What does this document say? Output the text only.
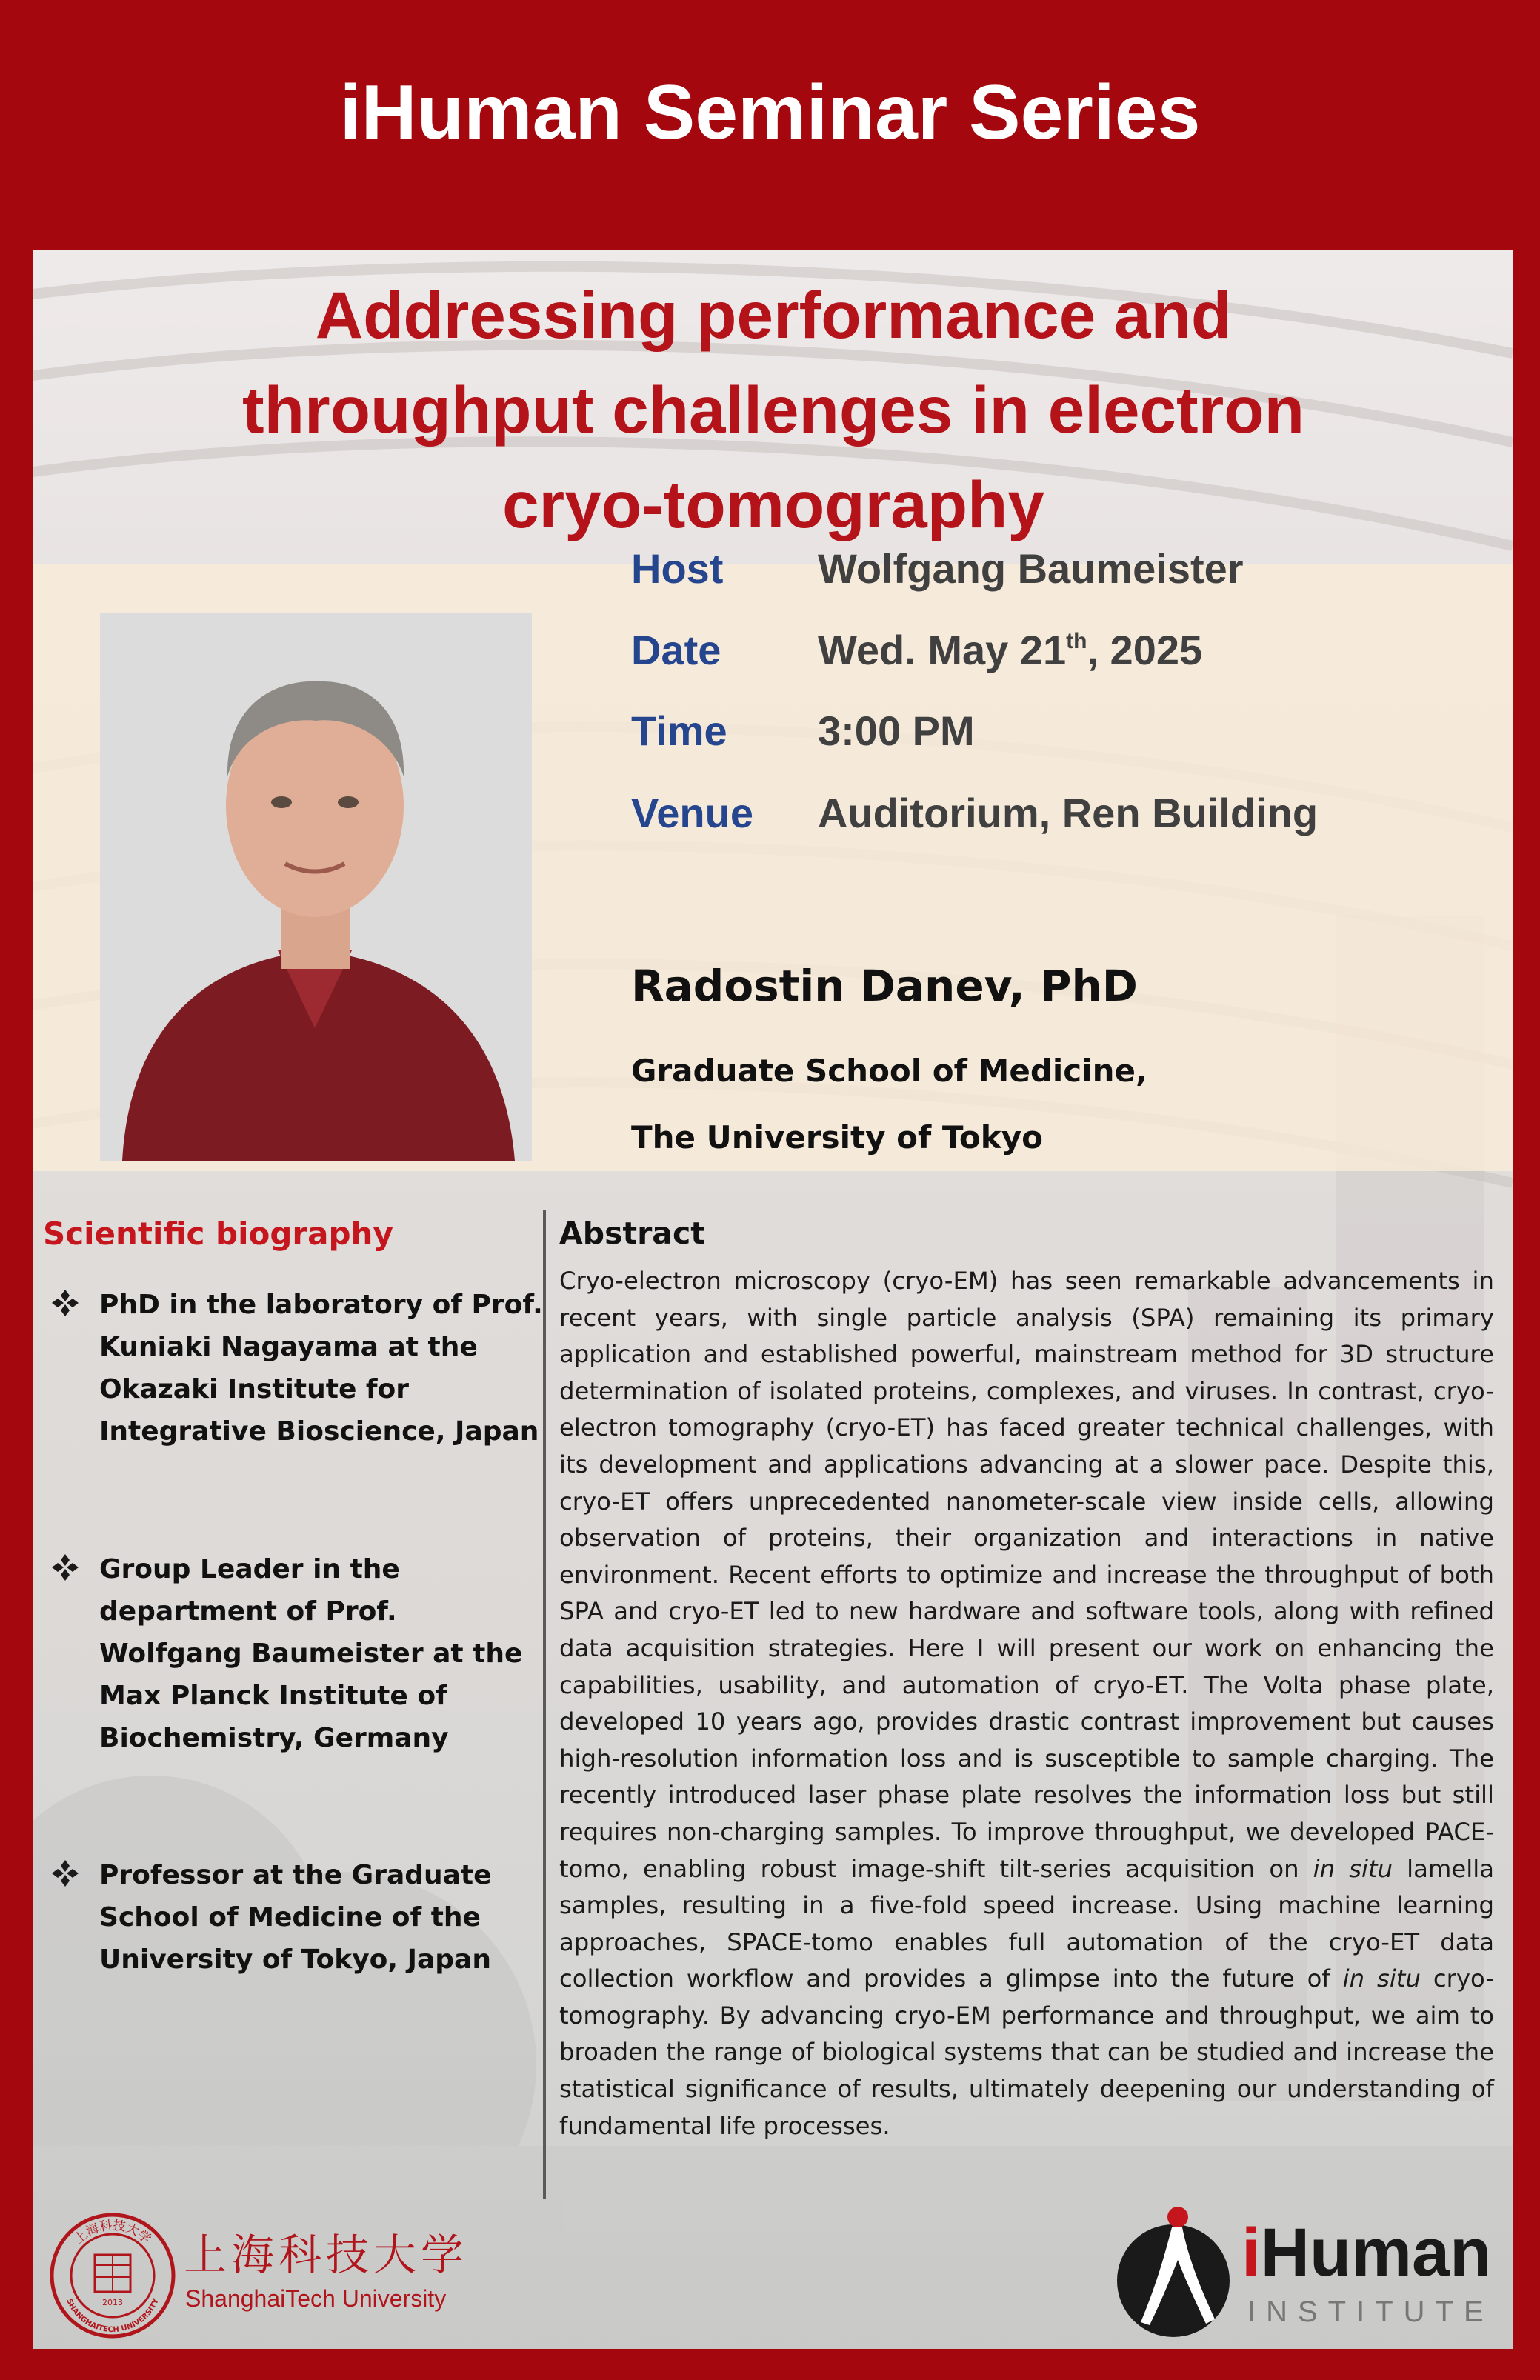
iHuman Seminar Series
Addressing performance and
throughput challenges in electron
cryo-tomography
Host Wolfgang Baumeister
Date Wed. May 21th, 2025
Time 3:00 PM
Venue Auditorium, Ren Building
Radostin Danev, PhD
Graduate School of Medicine,
The University of Tokyo
Scientific biography
PhD in the laboratory of Prof. Kuniaki Nagayama at the Okazaki Institute for Integrative Bioscience, Japan
Group Leader in the department of Prof. Wolfgang Baumeister at the Max Planck Institute of Biochemistry, Germany
Professor at the Graduate School of Medicine of the University of Tokyo, Japan
Abstract

Cryo-electron microscopy (cryo-EM) has seen remarkable advancements in recent years, with single particle analysis (SPA) remaining its primary application and established powerful, mainstream method for 3D structure determination of isolated proteins, complexes, and viruses. In contrast, cryo-electron tomography (cryo-ET) has faced greater technical challenges, with its development and applications advancing at a slower pace. Despite this, cryo-ET offers unprecedented nanometer-scale view inside cells, allowing observation of proteins, their organization and interactions in native environment. Recent efforts to optimize and increase the throughput of both SPA and cryo-ET led to new hardware and software tools, along with refined data acquisition strategies. Here I will present our work on enhancing the capabilities, usability, and automation of cryo-ET. The Volta phase plate, developed 10 years ago, provides drastic contrast improvement but causes high-resolution information loss and is susceptible to sample charging. The recently introduced laser phase plate resolves the information loss but still requires non-charging samples. To improve throughput, we developed PACE-tomo, enabling robust image-shift tilt-series acquisition on in situ lamella samples, resulting in a five-fold speed increase. Using machine learning approaches, SPACE-tomo enables full automation of the cryo-ET data collection workflow and provides a glimpse into the future of in situ cryo-tomography. By advancing cryo-EM performance and throughput, we aim to broaden the range of biological systems that can be studied and increase the statistical significance of results, ultimately deepening our understanding of fundamental life processes.

上海科技大学
SHANGHAITECH UNIVERSITY
2013
上海科技大学
ShanghaiTech University
iHuman
INSTITUTE
